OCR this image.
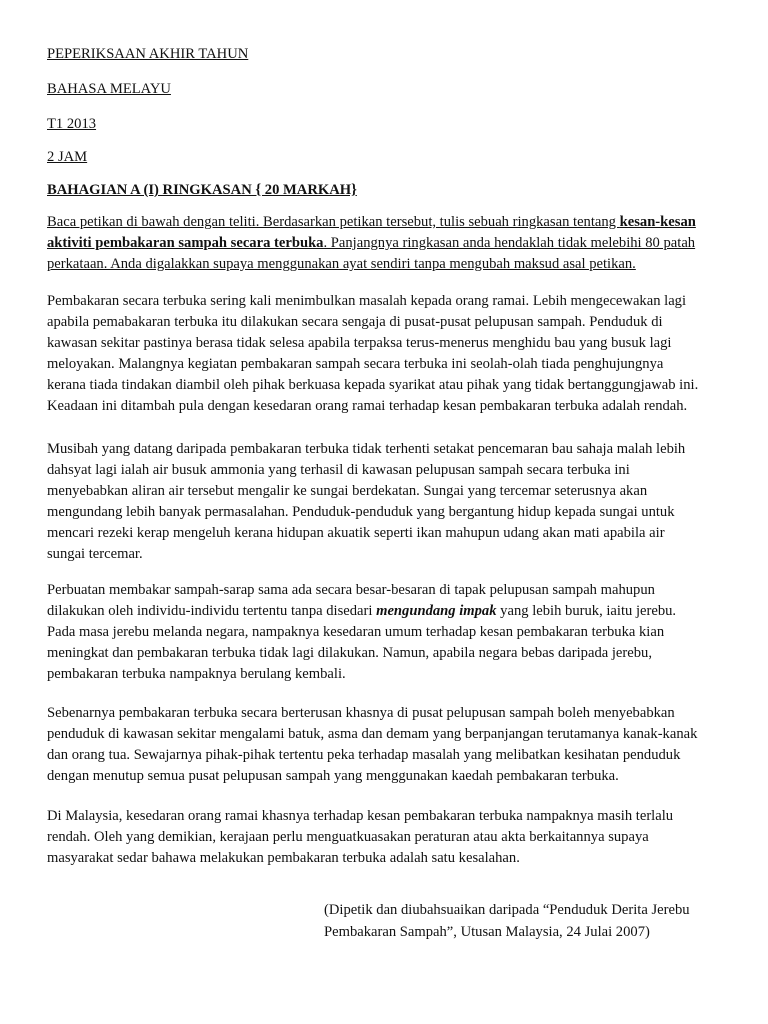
PEPERIKSAAN AKHIR TAHUN

BAHASA MELAYU

T1 2013

2 JAM

BAHAGIAN A (I) RINGKASAN { 20 MARKAH}

Baca petikan di bawah dengan teliti. Berdasarkan petikan tersebut, tulis sebuah ringkasan tentang kesan-kesan
aktiviti pembakaran sampah secara terbuka. Panjangnya ringkasan anda hendaklah tidak melebihi 80 patah
perkataan. Anda digalakkan supaya menggunakan ayat sendiri tanpa mengubah maksud asal petikan.
Pembakaran secara terbuka sering kali menimbulkan masalah kepada orang ramai. Lebih mengecewakan lagi
apabila pemabakaran terbuka itu dilakukan secara sengaja di pusat-pusat pelupusan sampah. Penduduk di
kawasan sekitar pastinya berasa tidak selesa apabila terpaksa terus-menerus menghidu bau yang busuk lagi
meloyakan. Malangnya kegiatan pembakaran sampah secara terbuka ini seolah-olah tiada penghujungnya
kerana tiada tindakan diambil oleh pihak berkuasa kepada syarikat atau pihak yang tidak bertanggungjawab ini.
Keadaan ini ditambah pula dengan kesedaran orang ramai terhadap kesan pembakaran terbuka adalah rendah.
Musibah yang datang daripada pembakaran terbuka tidak terhenti setakat pencemaran bau sahaja malah lebih
dahsyat lagi ialah air busuk ammonia yang terhasil di kawasan pelupusan sampah secara terbuka ini
menyebabkan aliran air tersebut mengalir ke sungai berdekatan. Sungai yang tercemar seterusnya akan
mengundang lebih banyak permasalahan. Penduduk-penduduk yang bergantung hidup kepada sungai untuk
mencari rezeki kerap mengeluh kerana hidupan akuatik seperti ikan mahupun udang akan mati apabila air
sungai tercemar.
Perbuatan membakar sampah-sarap sama ada secara besar-besaran di tapak pelupusan sampah mahupun
dilakukan oleh individu-individu tertentu tanpa disedari mengundang impak yang lebih buruk, iaitu jerebu.
Pada masa jerebu melanda negara, nampaknya kesedaran umum terhadap kesan pembakaran terbuka kian
meningkat dan pembakaran terbuka tidak lagi dilakukan. Namun, apabila negara bebas daripada jerebu,
pembakaran terbuka nampaknya berulang kembali.
Sebenarnya pembakaran terbuka secara berterusan khasnya di pusat pelupusan sampah boleh menyebabkan
penduduk di kawasan sekitar mengalami batuk, asma dan demam yang berpanjangan terutamanya kanak-kanak
dan orang tua. Sewajarnya pihak-pihak tertentu peka terhadap masalah yang melibatkan kesihatan penduduk
dengan menutup semua pusat pelupusan sampah yang menggunakan kaedah pembakaran terbuka.
Di Malaysia, kesedaran orang ramai khasnya terhadap kesan pembakaran terbuka nampaknya masih terlalu
rendah. Oleh yang demikian, kerajaan perlu menguatkuasakan peraturan atau akta berkaitannya supaya
masyarakat sedar bahawa melakukan pembakaran terbuka adalah satu kesalahan.
(Dipetik dan diubahsuaikan daripada “Penduduk Derita Jerebu
Pembakaran Sampah”, Utusan Malaysia, 24 Julai 2007)
